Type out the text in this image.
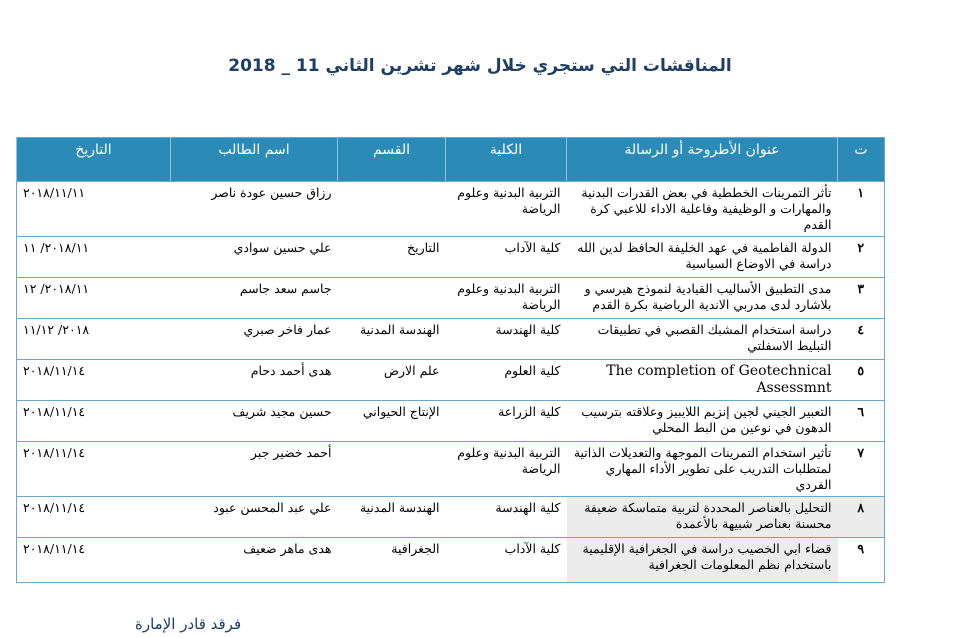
المناقشات التي ستجري خلال شهر تشرين الثاني 11 _ 2018
ت	عنوان الأطروحة أو الرسالة	الكلية	القسم	اسم الطالب	التاريخ
١	تأثر التمرينات الخططية في بعض القدرات البدنية والمهارات و الوظيفية وفاعلية الاداء للاعبي كرة القدم	التربية البدنية وعلوم الرياضة		رزاق حسين عودة ناصر	٢٠١٨/١١/١١
٢	الدولة الفاطمية في عهد الخليفة الحافظ لدين الله دراسة في الاوضاع السياسية	كلية الآداب	التاريخ	علي حسين سوادي	٢٠١٨/١١/ ١١
٣	مدى التطبيق الأساليب القيادية لنموذج هيرسي و بلاشارد لدى مدربي الاندية الرياضية بكرة القدم	التربية البدنية وعلوم الرياضة		جاسم سعد جاسم	٢٠١٨/١١/ ١٢
٤	دراسة استخدام المشبك القصبي في تطبيقات التبليط الاسفلتي	كلية الهندسة	الهندسة المدنية	عمار فاخر صبري	٢٠١٨/ ١١/١٢
٥	The completion of Geotechnical Assessmnt	كلية العلوم	علم الارض	هدى أحمد دحام	٢٠١٨/١١/١٤
٦	التعبير الجيني لجين إنزيم اللايبيز وعلاقته بترسيب الدهون في نوعين من البط المحلي	كلية الزراعة	الإنتاج الحيواني	حسين مجيد شريف	٢٠١٨/١١/١٤
٧	تأثير استخدام التمرينات الموجهة والتعديلات الذاتية لمتطلبات التدريب على تطوير الأداء المهاري الفردي	التربية البدنية وعلوم الرياضة		أحمد خضير جبر	٢٠١٨/١١/١٤
٨	التحليل بالعناصر المحددة لتربية متماسكة ضعيفة محسنة بعناصر شبيهة بالأعمدة	كلية الهندسة	الهندسة المدنية	علي عبد المحسن عبود	٢٠١٨/١١/١٤
٩	قضاء ابي الخصيب دراسة في الجغرافية الإقليمية باستخدام نظم المعلومات الجغرافية	كلية الآداب	الجغرافية	هدى ماهر ضعيف	٢٠١٨/١١/١٤
فرقد قادر الإمارة
